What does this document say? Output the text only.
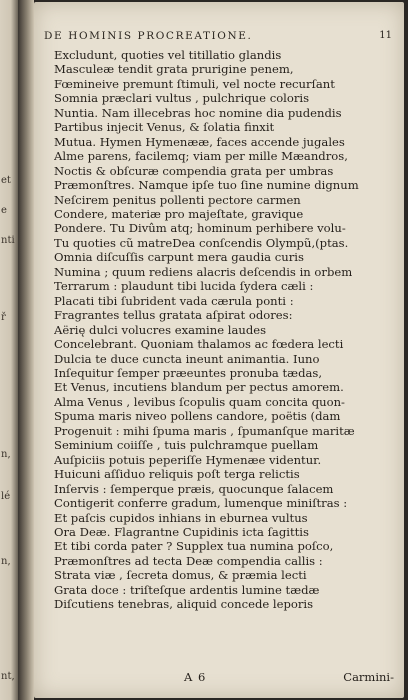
et
e
nti
ř
n,
lé
n,
nt,
DE HOMINIS PROCREATIONE.	11
Excludunt, quoties vel titillatio glandis
Masculeæ tendit grata prurigine penem,
Fœmineive premunt ſtimuli, vel nocte recurſant
Somnia præclari vultus , pulchrique coloris
Nuntia. Nam illecebras hoc nomine dia pudendis
Partibus injecit Venus, & ſolatia finxit
Mutua. Hymen Hymenææ, faces accende jugales
Alme parens, facilemq; viam per mille Mæandros,
Noctis & obſcuræ compendia grata per umbras
Præmonſtres. Namque ipſe tuo ſine numine dignum
Neſcirem penitus pollenti pectore carmen
Condere, materiæ pro majeſtate, gravique
Pondere. Tu Divûm atq; hominum perhibere volu-
Tu quoties cũ matreDea conſcendis Olympũ,(ptas.
Omnia diſcuſſis carpunt mera gaudia curis
Numina ; quum rediens alacris deſcendis in orbem
Terrarum : plaudunt tibi lucida ſydera cæli :
Placati tibi ſubrident vada cærula ponti :
Fragrantes tellus gratata aſpirat odores:
Aërię dulci volucres examine laudes
Concelebrant. Quoniam thalamos ac fœdera lecti
Dulcia te duce cuncta ineunt animantia. Iuno
Inſequitur ſemper præeuntes pronuba tædas,
Et Venus, incutiens blandum per pectus amorem.
Alma Venus , levibus ſcopulis quam concita quon-
Spuma maris niveo pollens candore, poëtis (dam
Progenuit : mihi ſpuma maris , ſpumanſque maritæ
Seminium coiiſſe , tuis pulchramque puellam
Auſpiciis potuis peperiſſe Hymenæe videntur.
Huicuni aſſiduo reliquis poſt terga relictis
Inſervis : ſemperque præis, quocunque ſalacem
Contigerit conferre gradum, lumenque miniſtras :
Et paſcis cupidos inhians in eburnea vultus
Ora Deæ. Flagrantne Cupidinis icta ſagittis
Et tibi corda pater ? Supplex tua numina poſco,
Præmonſtres ad tecta Deæ compendia callis :
Strata viæ , ſecreta domus, & præmia lecti
Grata doce : triſteſque ardentis lumine tædæ
Diſcutiens tenebras, aliquid concede leporis
A 6	Carmini-
